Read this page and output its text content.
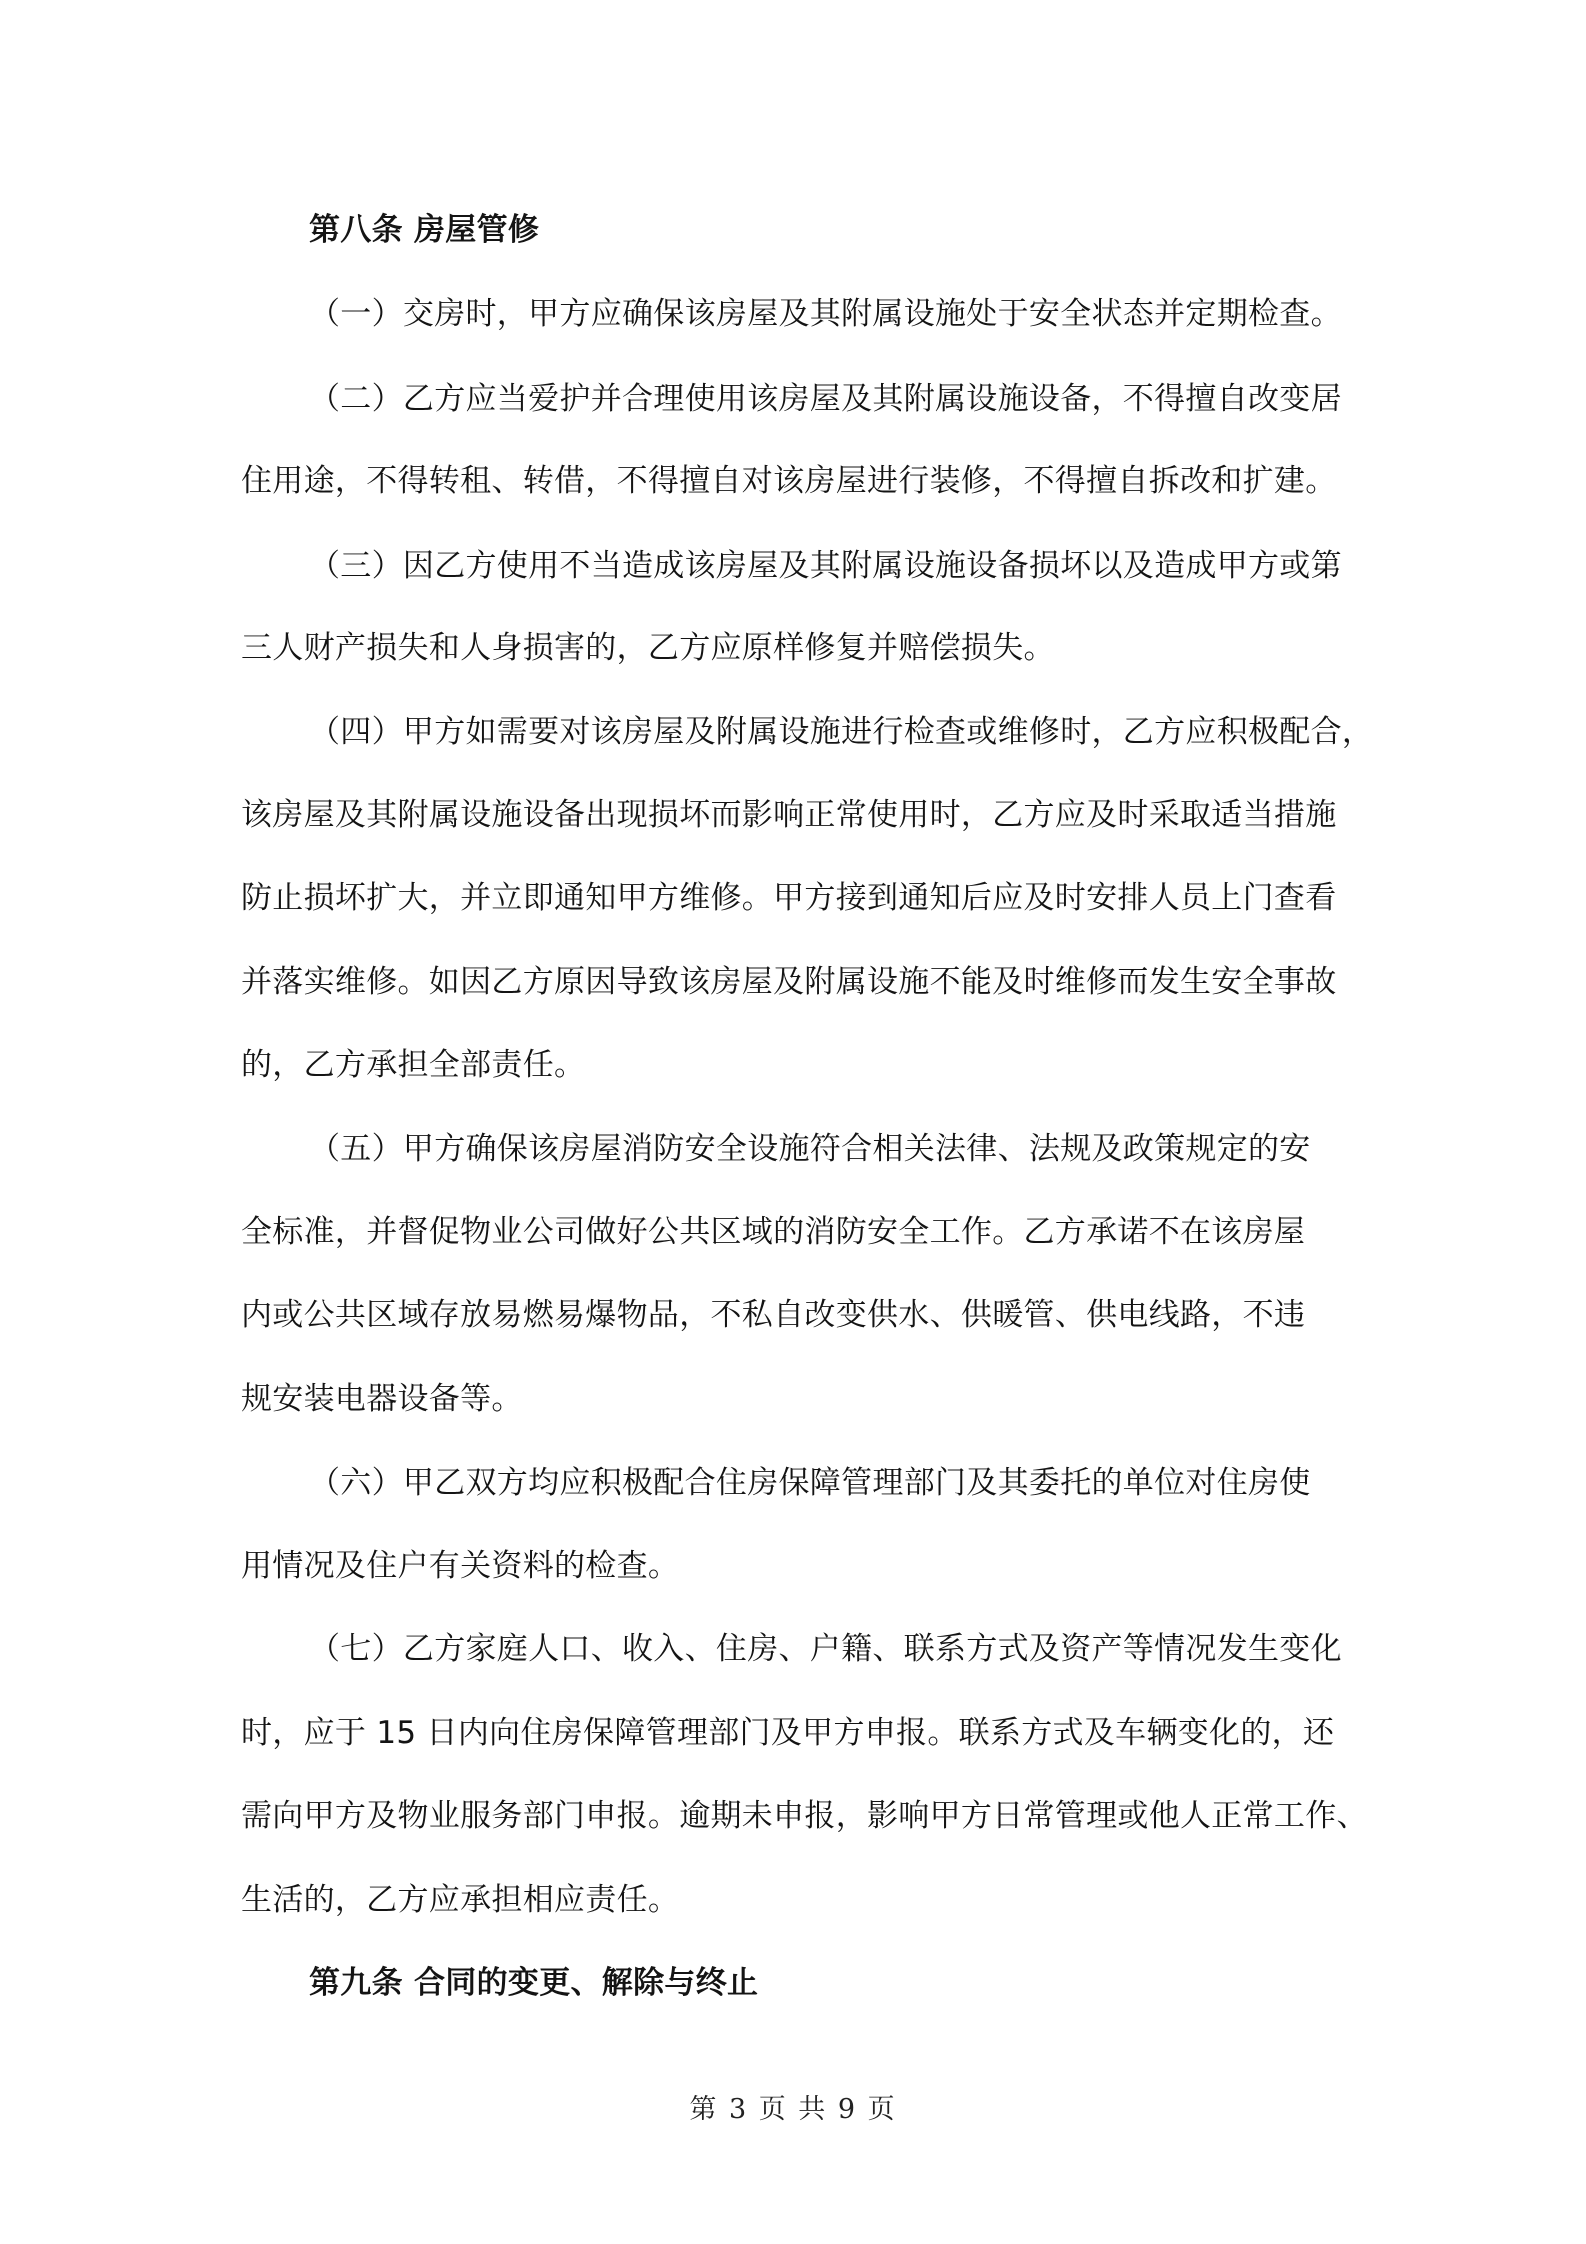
第八条 房屋管修
（一）交房时，甲方应确保该房屋及其附属设施处于安全状态并定期检查。
（二）乙方应当爱护并合理使用该房屋及其附属设施设备，不得擅自改变居
住用途，不得转租、转借，不得擅自对该房屋进行装修，不得擅自拆改和扩建。
（三）因乙方使用不当造成该房屋及其附属设施设备损坏以及造成甲方或第
三人财产损失和人身损害的，乙方应原样修复并赔偿损失。
（四）甲方如需要对该房屋及附属设施进行检查或维修时，乙方应积极配合，
该房屋及其附属设施设备出现损坏而影响正常使用时，乙方应及时采取适当措施
防止损坏扩大，并立即通知甲方维修。甲方接到通知后应及时安排人员上门查看
并落实维修。如因乙方原因导致该房屋及附属设施不能及时维修而发生安全事故
的，乙方承担全部责任。
（五）甲方确保该房屋消防安全设施符合相关法律、法规及政策规定的安
全标准，并督促物业公司做好公共区域的消防安全工作。乙方承诺不在该房屋
内或公共区域存放易燃易爆物品，不私自改变供水、供暖管、供电线路，不违
规安装电器设备等。
（六）甲乙双方均应积极配合住房保障管理部门及其委托的单位对住房使
用情况及住户有关资料的检查。
（七）乙方家庭人口、收入、住房、户籍、联系方式及资产等情况发生变化
时，应于 15 日内向住房保障管理部门及甲方申报。联系方式及车辆变化的，还
需向甲方及物业服务部门申报。逾期未申报，影响甲方日常管理或他人正常工作、
生活的，乙方应承担相应责任。
第九条 合同的变更、解除与终止
第 3 页 共 9 页
